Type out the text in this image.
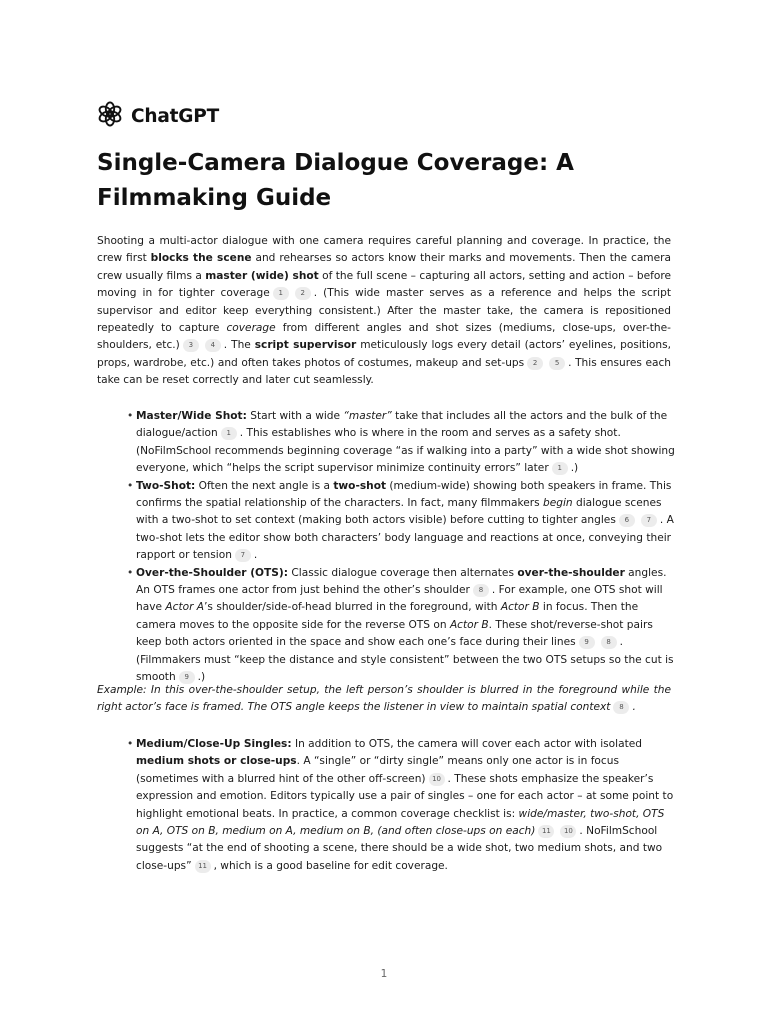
ChatGPT
Single-Camera Dialogue Coverage: A Filmmaking Guide

Shooting a multi-actor dialogue with one camera requires careful planning and coverage. In practice, the crew first blocks the scene and rehearses so actors know their marks and movements. Then the camera crew usually films a master (wide) shot of the full scene – capturing all actors, setting and action – before moving in for tighter coverage 1	2 . (This wide master serves as a reference and helps the script supervisor and editor keep everything consistent.) After the master take, the camera is repositioned repeatedly to capture coverage from different angles and shot sizes (mediums, close-ups, over-the-shoulders, etc.) 3	4 . The script supervisor meticulously logs every detail (actors’ eyelines, positions, props, wardrobe, etc.) and often takes photos of costumes, makeup and set-ups 2	5 . This ensures each take can be reset correctly and later cut seamlessly.

• Master/Wide Shot: Start with a wide “master” take that includes all the actors and the bulk of the dialogue/action 1 . This establishes who is where in the room and serves as a safety shot. (NoFilmSchool recommends beginning coverage “as if walking into a party” with a wide shot showing everyone, which “helps the script supervisor minimize continuity errors” later 1 .)
• Two-Shot: Often the next angle is a two-shot (medium-wide) showing both speakers in frame. This confirms the spatial relationship of the characters. In fact, many filmmakers begin dialogue scenes with a two-shot to set context (making both actors visible) before cutting to tighter angles 6	7 . A two-shot lets the editor show both characters’ body language and reactions at once, conveying their rapport or tension 7 .
• Over-the-Shoulder (OTS): Classic dialogue coverage then alternates over-the-shoulder angles. An OTS frames one actor from just behind the other’s shoulder 8 . For example, one OTS shot will have Actor A’s shoulder/side-of-head blurred in the foreground, with Actor B in focus. Then the camera moves to the opposite side for the reverse OTS on Actor B. These shot/reverse-shot pairs keep both actors oriented in the space and show each one’s face during their lines 9	8 . (Filmmakers must “keep the distance and style consistent” between the two OTS setups so the cut is smooth 9 .)

Example: In this over-the-shoulder setup, the left person’s shoulder is blurred in the foreground while the right actor’s face is framed. The OTS angle keeps the listener in view to maintain spatial context 8 .

• Medium/Close-Up Singles: In addition to OTS, the camera will cover each actor with isolated medium shots or close-ups. A “single” or “dirty single” means only one actor is in focus (sometimes with a blurred hint of the other off-screen) 10 . These shots emphasize the speaker’s expression and emotion. Editors typically use a pair of singles – one for each actor – at some point to highlight emotional beats. In practice, a common coverage checklist is: wide/master, two-shot, OTS on A, OTS on B, medium on A, medium on B, (and often close-ups on each) 11 10 . NoFilmSchool suggests “at the end of shooting a scene, there should be a wide shot, two medium shots, and two close-ups” 11 , which is a good baseline for edit coverage.
1
